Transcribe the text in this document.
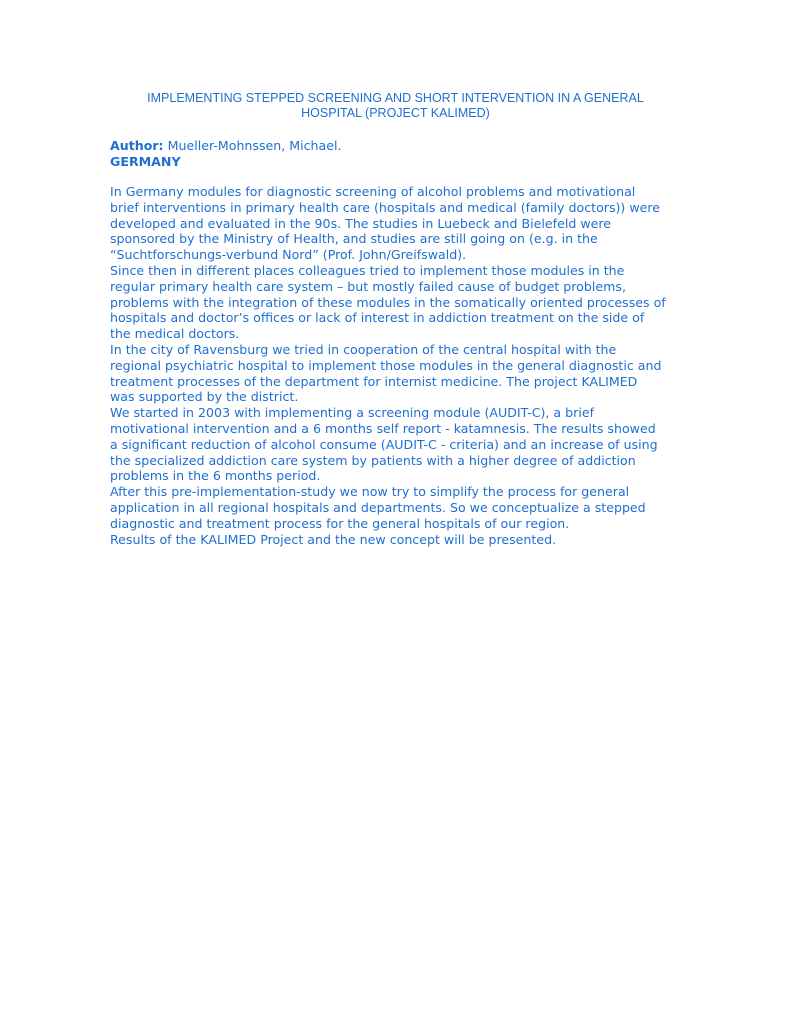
IMPLEMENTING STEPPED SCREENING AND SHORT INTERVENTION IN A GENERAL
HOSPITAL (PROJECT KALIMED)
Author: Mueller-Mohnssen, Michael.
GERMANY
In Germany modules for diagnostic screening of alcohol problems and motivational
brief interventions in primary health care (hospitals and medical (family doctors)) were
developed and evaluated in the 90s. The studies in Luebeck and Bielefeld were
sponsored by the Ministry of Health, and studies are still going on (e.g. in the
“Suchtforschungs-verbund Nord” (Prof. John/Greifswald).
Since then in different places colleagues tried to implement those modules in the
regular primary health care system – but mostly failed cause of budget problems,
problems with the integration of these modules in the somatically oriented processes of
hospitals and doctor’s offices or lack of interest in addiction treatment on the side of
the medical doctors.
In the city of Ravensburg we tried in cooperation of the central hospital with the
regional psychiatric hospital to implement those modules in the general diagnostic and
treatment processes of the department for internist medicine. The project KALIMED
was supported by the district.
We started in 2003 with implementing a screening module (AUDIT-C), a brief
motivational intervention and a 6 months self report - katamnesis. The results showed
a significant reduction of alcohol consume (AUDIT-C - criteria) and an increase of using
the specialized addiction care system by patients with a higher degree of addiction
problems in the 6 months period.
After this pre-implementation-study we now try to simplify the process for general
application in all regional hospitals and departments. So we conceptualize a stepped
diagnostic and treatment process for the general hospitals of our region.
Results of the KALIMED Project and the new concept will be presented.
